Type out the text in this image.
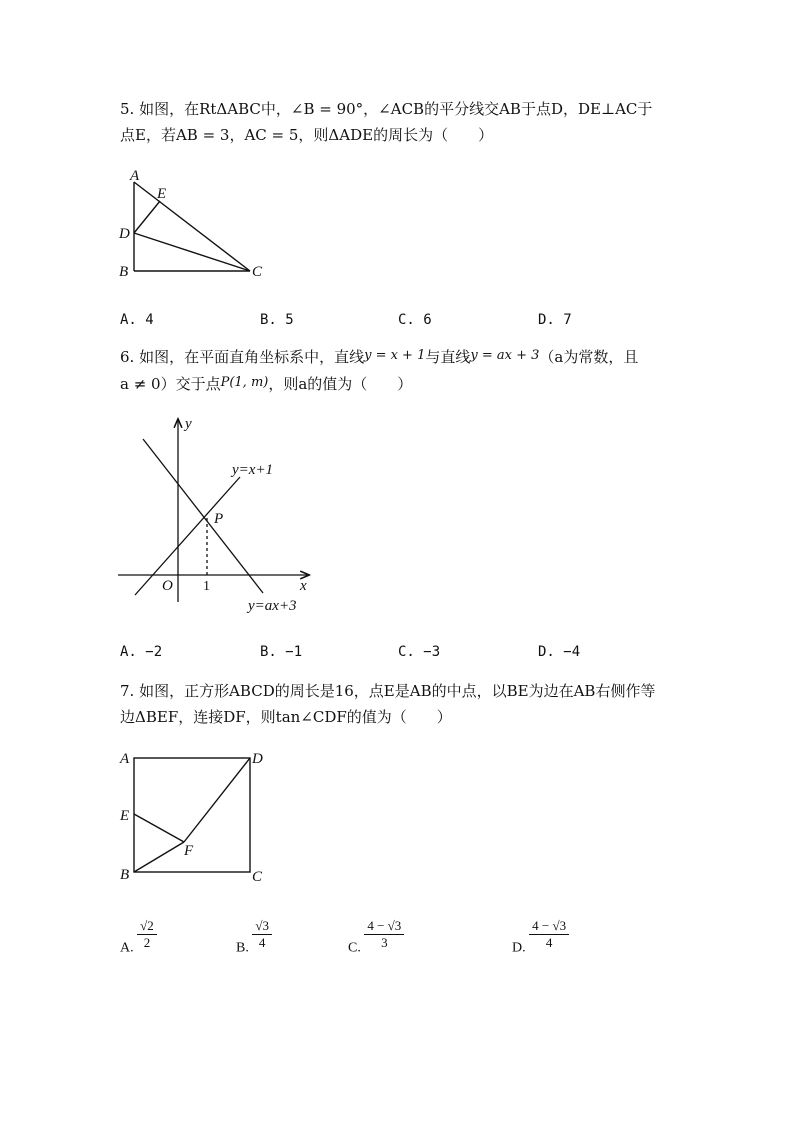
5. 如图，在RtΔABC中，∠B = 90°，∠ACB的平分线交AB于点D，DE⊥AC于
点E，若AB = 3，AC = 5，则ΔADE的周长为（　　）

A
E
D
B	C
A. 4	B. 5	C. 6	D. 7

6. 如图，在平面直角坐标系中，直线y = x + 1与直线y = ax + 3（a为常数，且
a ≠ 0）交于点P(1, m)，则a的值为（　　）

y
x
O 1
P
y=x+1
y=ax+3
A. −2	B. −1	C. −3	D. −4

7. 如图，正方形ABCD的周长是16，点E是AB的中点，以BE为边在AB右侧作等
边ΔBEF，连接DF，则tan∠CDF的值为（　　）

A	D
E
F
B	C
A. $\frac{√2}{2}$	B. $\frac{√3}{4}$	C. $\frac{4 - √3}{3}$	D. $\frac{4 - √3}{4}$
